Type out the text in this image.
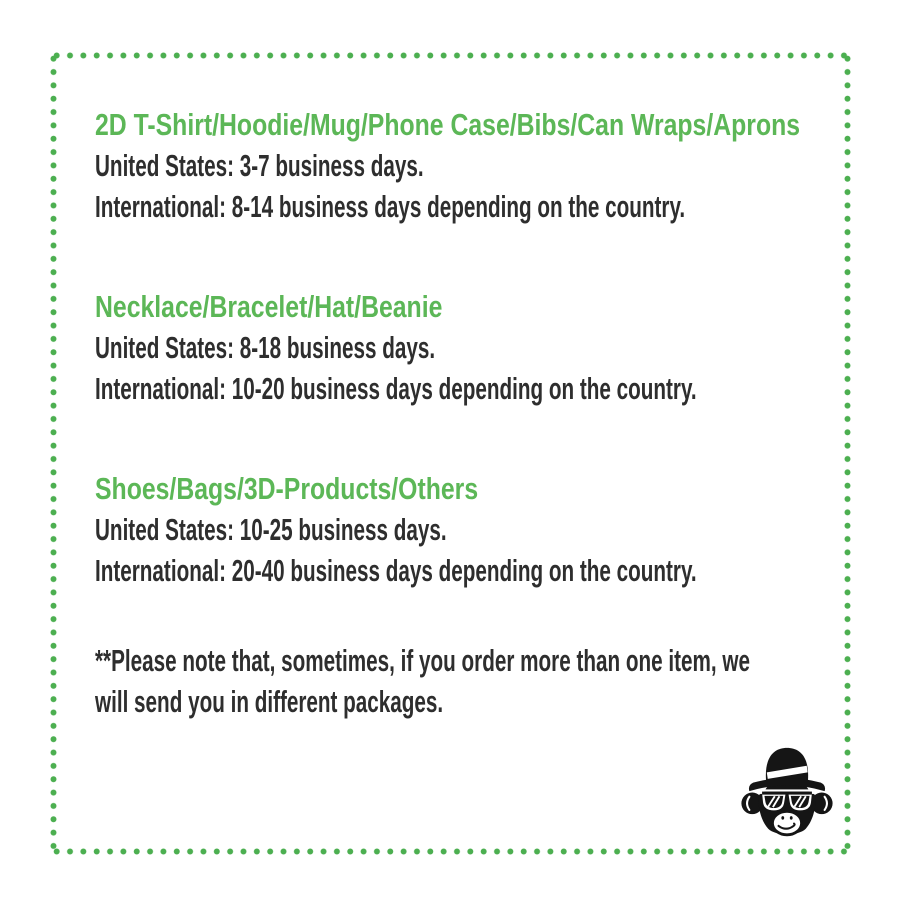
2D T-Shirt/Hoodie/Mug/Phone Case/Bibs/Can Wraps/Aprons
United States: 3-7 business days.
International: 8-14 business days depending on the country.
Necklace/Bracelet/Hat/Beanie
United States: 8-18 business days.
International: 10-20 business days depending on the country.
Shoes/Bags/3D-Products/Others
United States: 10-25 business days.
International: 20-40 business days depending on the country.
**Please note that, sometimes, if you order more than one item, we
will send you in different packages.
